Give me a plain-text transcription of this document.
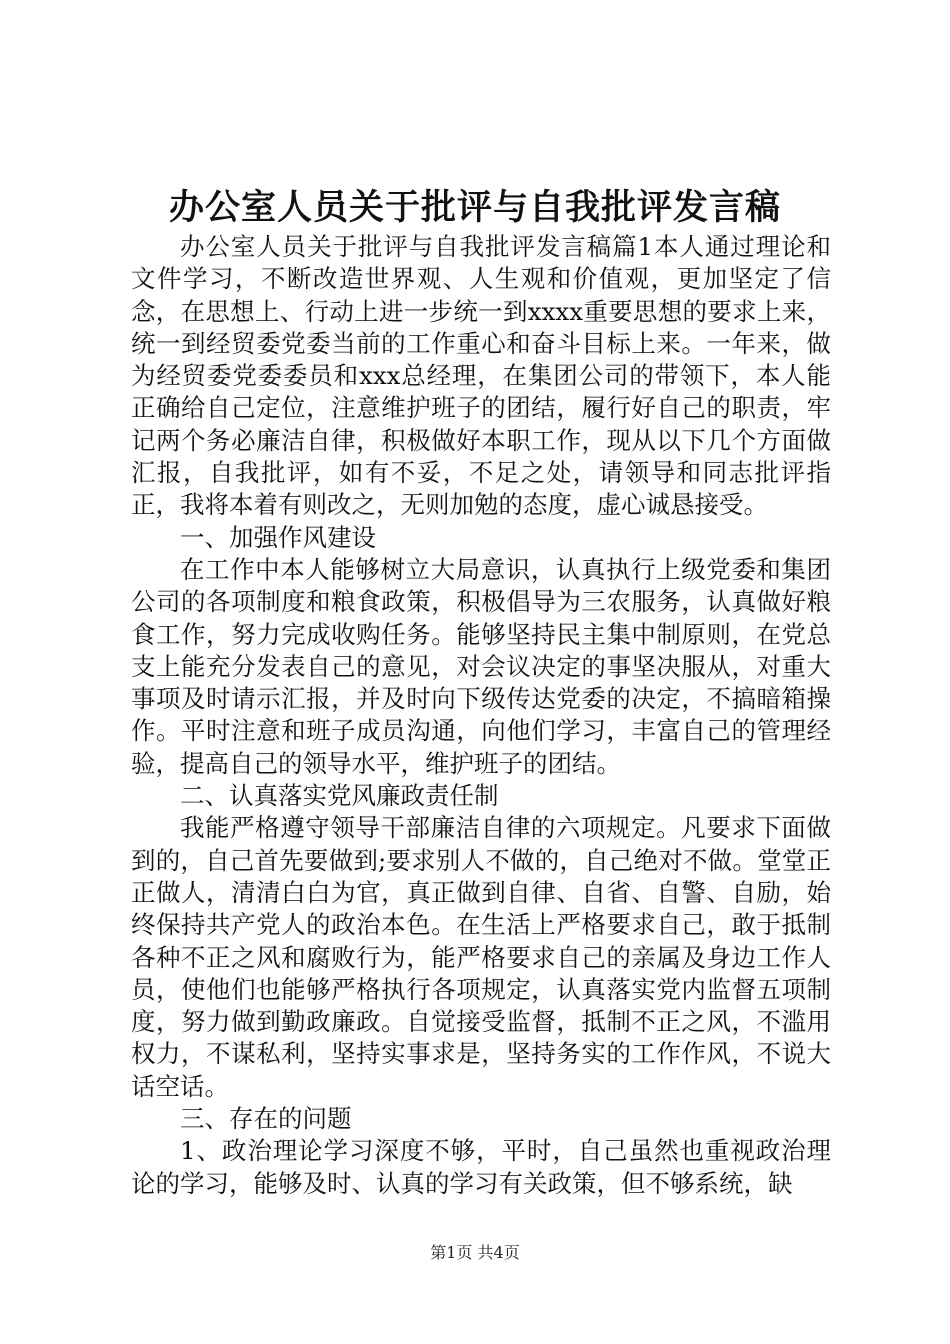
办公室人员关于批评与自我批评发言稿

办公室人员关于批评与自我批评发言稿篇1本人通过理论和文件学习，不断改造世界观、人生观和价值观，更加坚定了信念，在思想上、行动上进一步统一到xxxx重要思想的要求上来，统一到经贸委党委当前的工作重心和奋斗目标上来。一年来，做为经贸委党委委员和xxx总经理，在集团公司的带领下，本人能正确给自己定位，注意维护班子的团结，履行好自己的职责，牢记两个务必廉洁自律，积极做好本职工作，现从以下几个方面做汇报，自我批评，如有不妥，不足之处，请领导和同志批评指正，我将本着有则改之，无则加勉的态度，虚心诚恳接受。

一、加强作风建设

在工作中本人能够树立大局意识，认真执行上级党委和集团公司的各项制度和粮食政策，积极倡导为三农服务，认真做好粮食工作，努力完成收购任务。能够坚持民主集中制原则，在党总支上能充分发表自己的意见，对会议决定的事坚决服从，对重大事项及时请示汇报，并及时向下级传达党委的决定，不搞暗箱操作。平时注意和班子成员沟通，向他们学习，丰富自己的管理经验，提高自己的领导水平，维护班子的团结。

二、认真落实党风廉政责任制

我能严格遵守领导干部廉洁自律的六项规定。凡要求下面做到的，自己首先要做到;要求别人不做的，自己绝对不做。堂堂正正做人，清清白白为官，真正做到自律、自省、自警、自励，始终保持共产党人的政治本色。在生活上严格要求自己，敢于抵制各种不正之风和腐败行为，能严格要求自己的亲属及身边工作人员，使他们也能够严格执行各项规定，认真落实党内监督五项制度，努力做到勤政廉政。自觉接受监督，抵制不正之风，不滥用权力，不谋私利，坚持实事求是，坚持务实的工作作风，不说大话空话。

三、存在的问题

1、政治理论学习深度不够，平时，自己虽然也重视政治理论的学习，能够及时、认真的学习有关政策，但不够系统，缺

第1页 共4页
